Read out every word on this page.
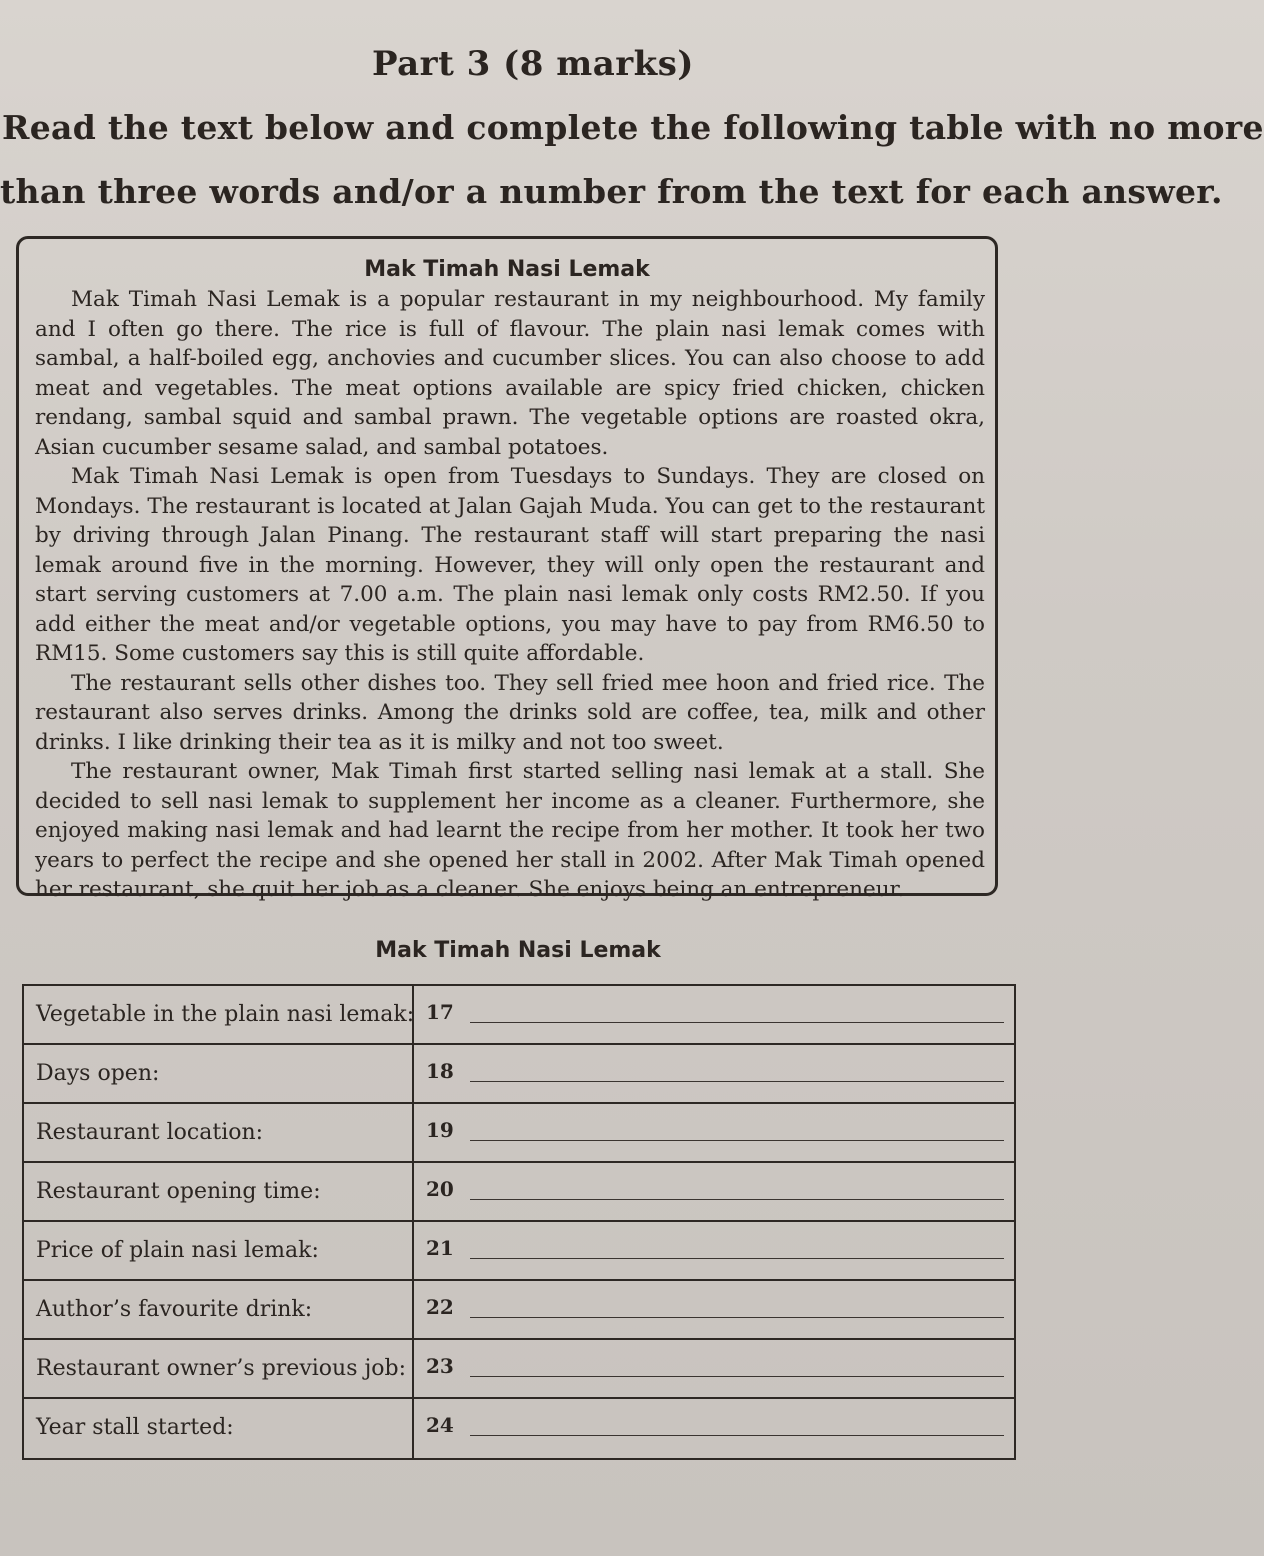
Part 3 (8 marks)
Read the text below and complete the following table with no more
than three words and/or a number from the text for each answer.
Mak Timah Nasi Lemak

Mak Timah Nasi Lemak is a popular restaurant in my neighbourhood. My family and I often go there. The rice is full of flavour. The plain nasi lemak comes with sambal, a half-boiled egg, anchovies and cucumber slices. You can also choose to add meat and vegetables. The meat options available are spicy fried chicken, chicken rendang, sambal squid and sambal prawn. The vegetable options are roasted okra, Asian cucumber sesame salad, and sambal potatoes.

Mak Timah Nasi Lemak is open from Tuesdays to Sundays. They are closed on Mondays. The restaurant is located at Jalan Gajah Muda. You can get to the restaurant by driving through Jalan Pinang. The restaurant staff will start preparing the nasi lemak around five in the morning. However, they will only open the restaurant and start serving customers at 7.00 a.m. The plain nasi lemak only costs RM2.50. If you add either the meat and/or vegetable options, you may have to pay from RM6.50 to RM15. Some customers say this is still quite affordable.

The restaurant sells other dishes too. They sell fried mee hoon and fried rice. The restaurant also serves drinks. Among the drinks sold are coffee, tea, milk and other drinks. I like drinking their tea as it is milky and not too sweet.

The restaurant owner, Mak Timah first started selling nasi lemak at a stall. She decided to sell nasi lemak to supplement her income as a cleaner. Furthermore, she enjoyed making nasi lemak and had learnt the recipe from her mother. It took her two years to perfect the recipe and she opened her stall in 2002. After Mak Timah opened her restaurant, she quit her job as a cleaner. She enjoys being an entrepreneur.

Mak Timah Nasi Lemak
Vegetable in the plain nasi lemak: 17
Days open:	18
Restaurant location:	19
Restaurant opening time:	20
Price of plain nasi lemak:	21
Author’s favourite drink:	22
Restaurant owner’s previous job: 23
Year stall started:	24
